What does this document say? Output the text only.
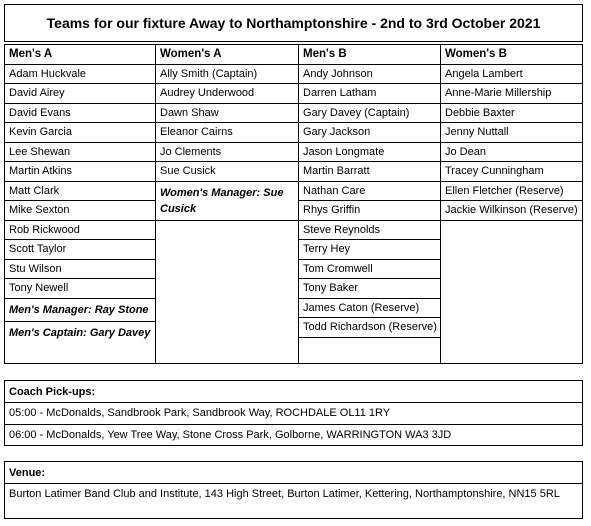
Teams for our fixture Away to Northamptonshire - 2nd to 3rd October 2021
Men's A
Adam Huckvale
David Airey
David Evans
Kevin Garcia
Lee Shewan
Martin Atkins
Matt Clark
Mike Sexton
Rob Rickwood
Scott Taylor
Stu Wilson
Tony Newell
Men's Manager: Ray Stone
Men's Captain: Gary Davey
Women's A
Ally Smith (Captain)
Audrey Underwood
Dawn Shaw
Eleanor Cairns
Jo Clements
Sue Cusick
Women's Manager: Sue Cusick
Men's B
Andy Johnson
Darren Latham
Gary Davey (Captain)
Gary Jackson
Jason Longmate
Martin Barratt
Nathan Care
Rhys Griffin
Steve Reynolds
Terry Hey
Tom Cromwell
Tony Baker
James Caton (Reserve)
Todd Richardson (Reserve)
Women's B
Angela Lambert
Anne-Marie Millership
Debbie Baxter
Jenny Nuttall
Jo Dean
Tracey Cunningham
Ellen Fletcher (Reserve)
Jackie Wilkinson (Reserve)
Coach Pick-ups:
05:00 - McDonalds, Sandbrook Park, Sandbrook Way, ROCHDALE OL11 1RY
06:00 - McDonalds, Yew Tree Way, Stone Cross Park, Golborne, WARRINGTON WA3 3JD
Venue:
Burton Latimer Band Club and Institute, 143 High Street, Burton Latimer, Kettering, Northamptonshire, NN15 5RL
